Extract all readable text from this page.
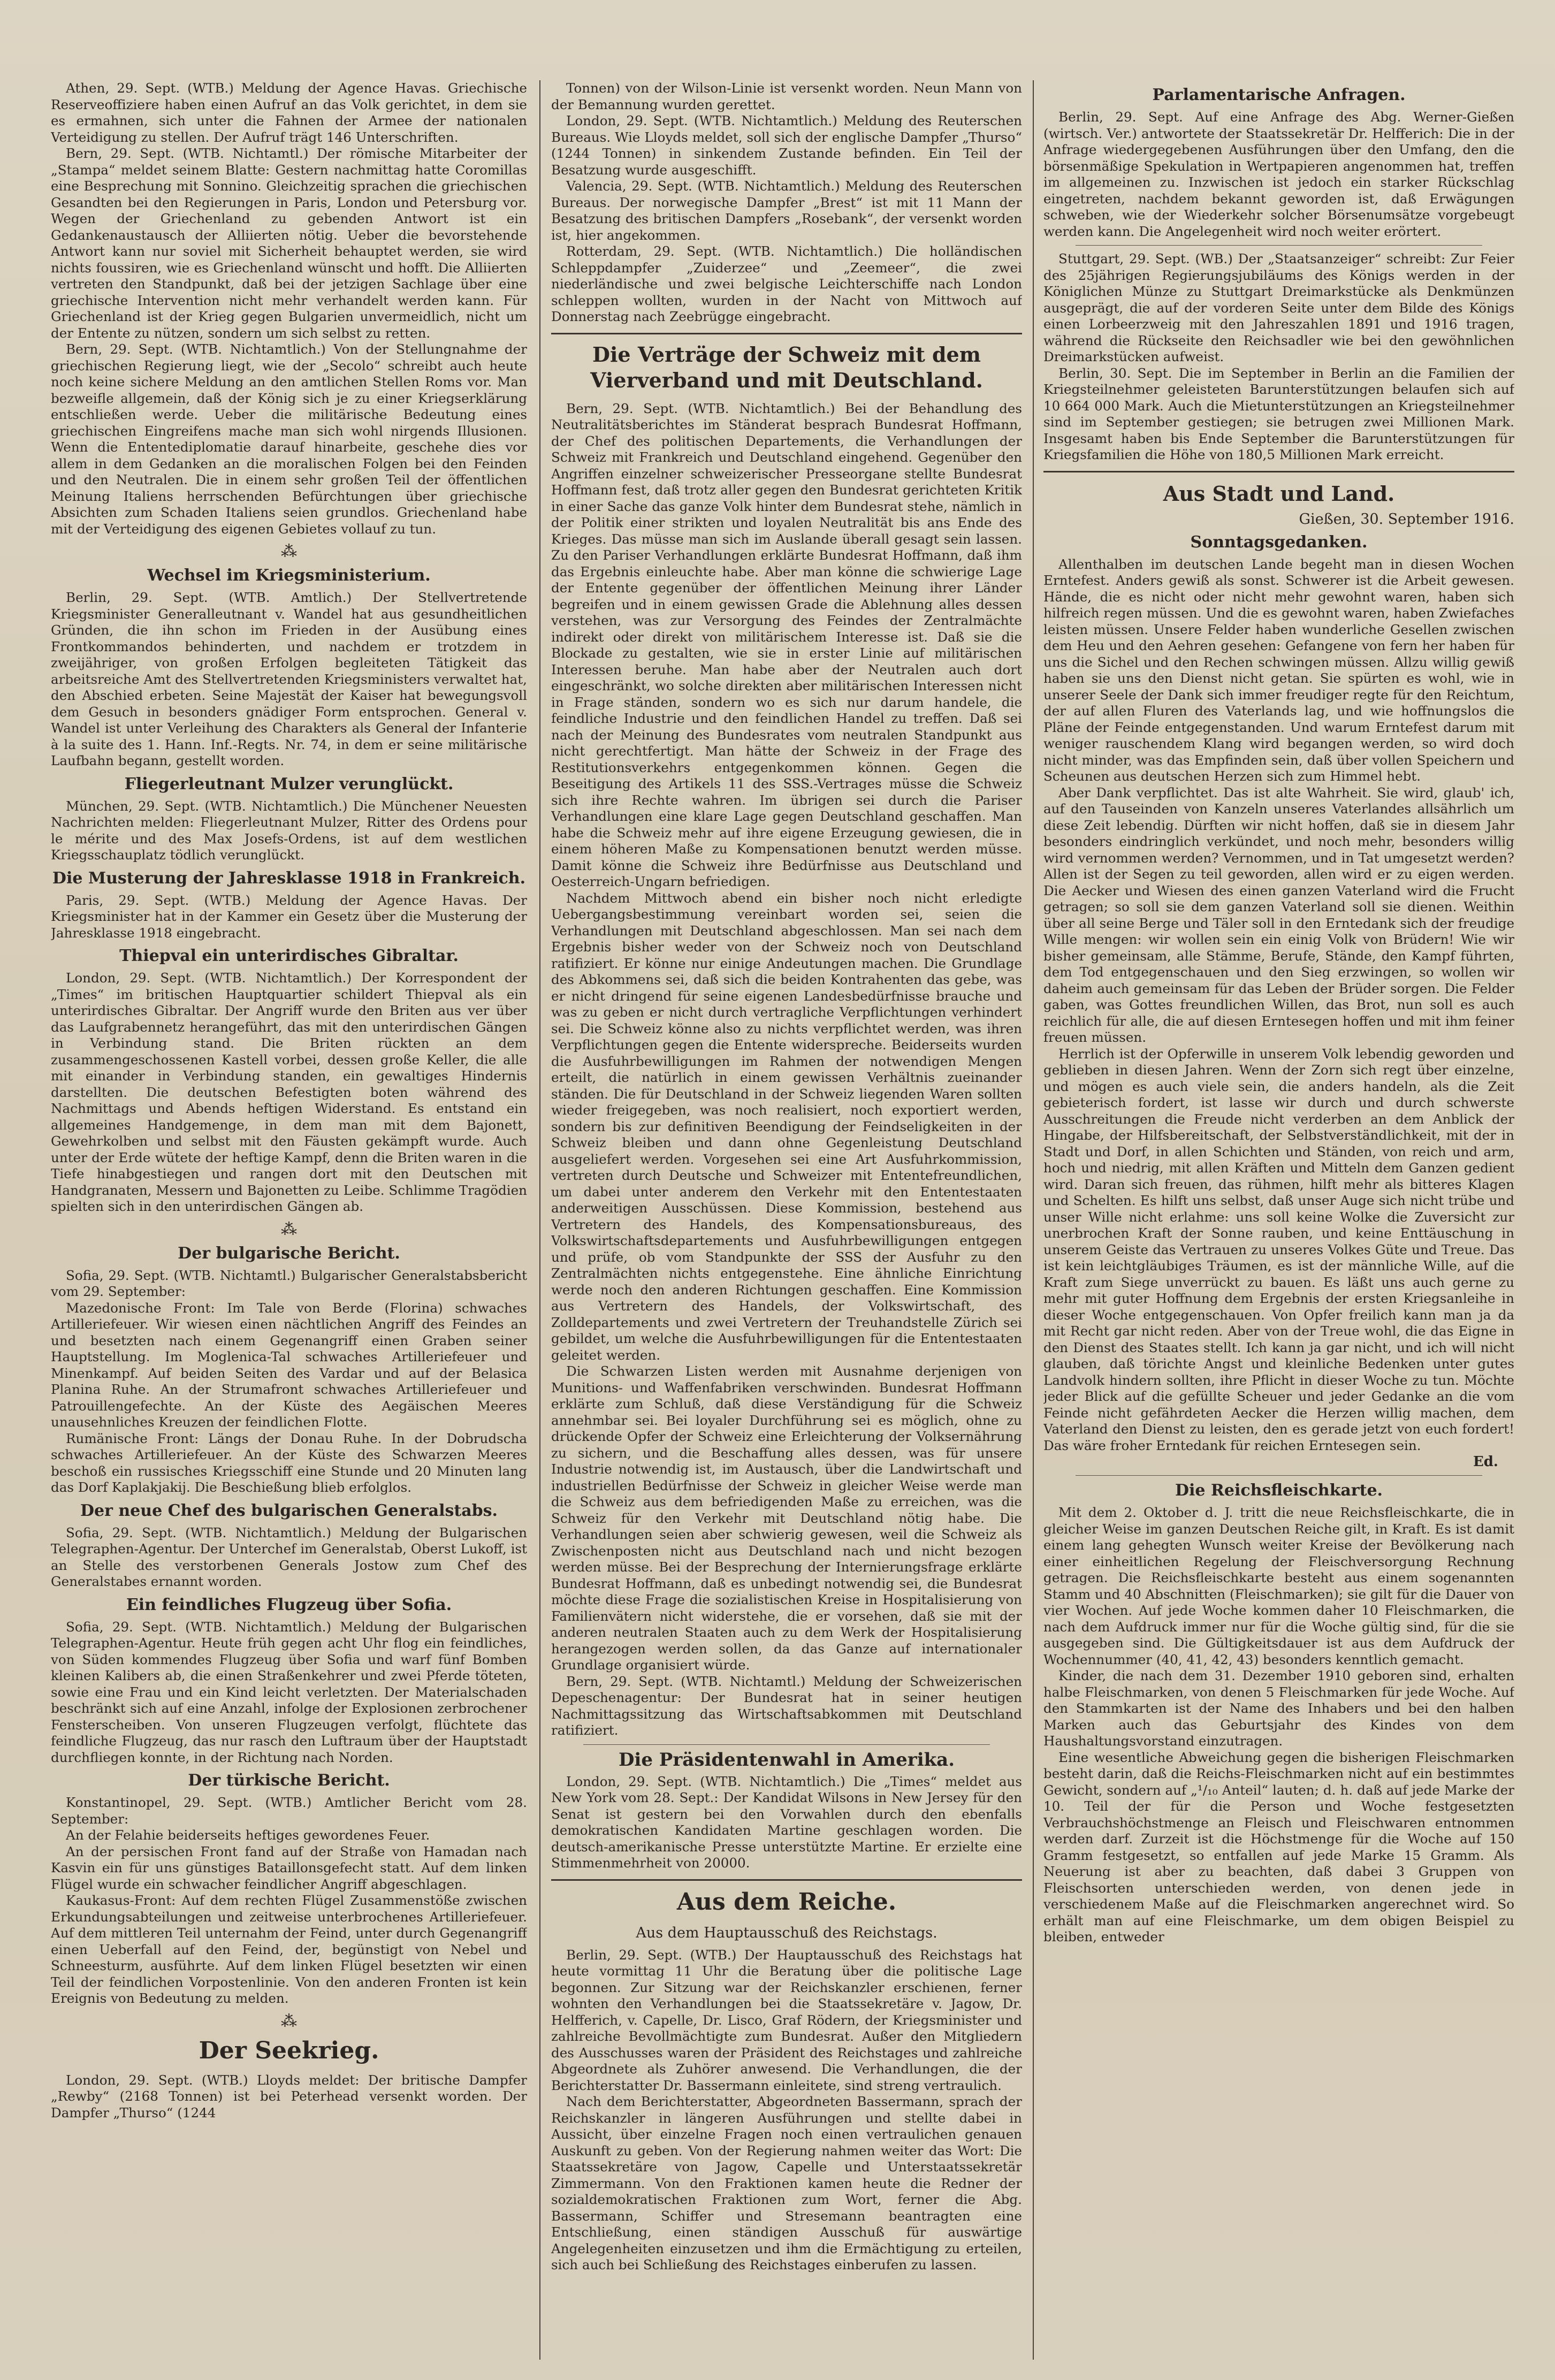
Athen, 29. Sept. (WTB.) Meldung der Agence Havas. Griechische Reserveoffiziere haben einen Aufruf an das Volk gerichtet, in dem sie es ermahnen, sich unter die Fahnen der Armee der nationalen Verteidigung zu stellen. Der Aufruf trägt 146 Unterschriften.

Bern, 29. Sept. (WTB. Nichtamtl.) Der römische Mitarbeiter der „Stampa“ meldet seinem Blatte: Gestern nachmittag hatte Coromillas eine Besprechung mit Sonnino. Gleichzeitig sprachen die griechischen Gesandten bei den Regierungen in Paris, London und Petersburg vor. Wegen der Griechenland zu gebenden Antwort ist ein Gedankenaustausch der Alliierten nötig. Ueber die bevorstehende Antwort kann nur soviel mit Sicherheit behauptet werden, sie wird nichts foussiren, wie es Griechenland wünscht und hofft. Die Alliierten vertreten den Standpunkt, daß bei der jetzigen Sachlage über eine griechische Intervention nicht mehr verhandelt werden kann. Für Griechenland ist der Krieg gegen Bulgarien unvermeidlich, nicht um der Entente zu nützen, sondern um sich selbst zu retten.

Bern, 29. Sept. (WTB. Nichtamtlich.) Von der Stellungnahme der griechischen Regierung liegt, wie der „Secolo“ schreibt auch heute noch keine sichere Meldung an den amtlichen Stellen Roms vor. Man bezweifle allgemein, daß der König sich je zu einer Kriegserklärung entschließen werde. Ueber die militärische Bedeutung eines griechischen Eingreifens mache man sich wohl nirgends Illusionen. Wenn die Ententediplomatie darauf hinarbeite, geschehe dies vor allem in dem Gedanken an die moralischen Folgen bei den Feinden und den Neutralen. Die in einem sehr großen Teil der öffentlichen Meinung Italiens herrschenden Befürchtungen über griechische Absichten zum Schaden Italiens seien grundlos. Griechenland habe mit der Verteidigung des eigenen Gebietes vollauf zu tun.

⁂
Wechsel im Kriegsministerium.

Berlin, 29. Sept. (WTB. Amtlich.) Der Stellvertretende Kriegsminister Generalleutnant v. Wandel hat aus gesundheitlichen Gründen, die ihn schon im Frieden in der Ausübung eines Frontkommandos behinderten, und nachdem er trotzdem in zweijähriger, von großen Erfolgen begleiteten Tätigkeit das arbeitsreiche Amt des Stellvertretenden Kriegsministers verwaltet hat, den Abschied erbeten. Seine Majestät der Kaiser hat bewegungsvoll dem Gesuch in besonders gnädiger Form entsprochen. General v. Wandel ist unter Verleihung des Charakters als General der Infanterie à la suite des 1. Hann. Inf.-Regts. Nr. 74, in dem er seine militärische Laufbahn begann, gestellt worden.

Fliegerleutnant Mulzer verunglückt.

München, 29. Sept. (WTB. Nichtamtlich.) Die Münchener Neuesten Nachrichten melden: Fliegerleutnant Mulzer, Ritter des Ordens pour le mérite und des Max Josefs-Ordens, ist auf dem westlichen Kriegsschauplatz tödlich verunglückt.

Die Musterung der Jahresklasse 1918 in Frankreich.

Paris, 29. Sept. (WTB.) Meldung der Agence Havas. Der Kriegsminister hat in der Kammer ein Gesetz über die Musterung der Jahresklasse 1918 eingebracht.

Thiepval ein unterirdisches Gibraltar.

London, 29. Sept. (WTB. Nichtamtlich.) Der Korrespondent der „Times“ im britischen Hauptquartier schildert Thiepval als ein unterirdisches Gibraltar. Der Angriff wurde den Briten aus ver über das Laufgrabennetz herangeführt, das mit den unterirdischen Gängen in Verbindung stand. Die Briten rückten an dem zusammengeschossenen Kastell vorbei, dessen große Keller, die alle mit einander in Verbindung standen, ein gewaltiges Hindernis darstellten. Die deutschen Befestigten boten während des Nachmittags und Abends heftigen Widerstand. Es entstand ein allgemeines Handgemenge, in dem man mit dem Bajonett, Gewehrkolben und selbst mit den Fäusten gekämpft wurde. Auch unter der Erde wütete der heftige Kampf, denn die Briten waren in die Tiefe hinabgestiegen und rangen dort mit den Deutschen mit Handgranaten, Messern und Bajonetten zu Leibe. Schlimme Tragödien spielten sich in den unterirdischen Gängen ab.

⁂
Der bulgarische Bericht.

Sofia, 29. Sept. (WTB. Nichtamtl.) Bulgarischer Generalstabsbericht vom 29. September:

Mazedonische Front: Im Tale von Berde (Florina) schwaches Artilleriefeuer. Wir wiesen einen nächtlichen Angriff des Feindes an und besetzten nach einem Gegenangriff einen Graben seiner Hauptstellung. Im Moglenica-Tal schwaches Artilleriefeuer und Minenkampf. Auf beiden Seiten des Vardar und auf der Belasica Planina Ruhe. An der Strumafront schwaches Artilleriefeuer und Patrouillengefechte. An der Küste des Aegäischen Meeres unausehnliches Kreuzen der feindlichen Flotte.

Rumänische Front: Längs der Donau Ruhe. In der Dobrudscha schwaches Artilleriefeuer. An der Küste des Schwarzen Meeres beschoß ein russisches Kriegsschiff eine Stunde und 20 Minuten lang das Dorf Kaplakjakij. Die Beschießung blieb erfolglos.

Der neue Chef des bulgarischen Generalstabs.

Sofia, 29. Sept. (WTB. Nichtamtlich.) Meldung der Bulgarischen Telegraphen-Agentur. Der Unterchef im Generalstab, Oberst Lukoff, ist an Stelle des verstorbenen Generals Jostow zum Chef des Generalstabes ernannt worden.

Ein feindliches Flugzeug über Sofia.

Sofia, 29. Sept. (WTB. Nichtamtlich.) Meldung der Bulgarischen Telegraphen-Agentur. Heute früh gegen acht Uhr flog ein feindliches, von Süden kommendes Flugzeug über Sofia und warf fünf Bomben kleinen Kalibers ab, die einen Straßenkehrer und zwei Pferde töteten, sowie eine Frau und ein Kind leicht verletzten. Der Materialschaden beschränkt sich auf eine Anzahl, infolge der Explosionen zerbrochener Fensterscheiben. Von unseren Flugzeugen verfolgt, flüchtete das feindliche Flugzeug, das nur rasch den Luftraum über der Hauptstadt durchfliegen konnte, in der Richtung nach Norden.

Der türkische Bericht.

Konstantinopel, 29. Sept. (WTB.) Amtlicher Bericht vom 28. September:

An der Felahie beiderseits heftiges gewordenes Feuer.

An der persischen Front fand auf der Straße von Hamadan nach Kasvin ein für uns günstiges Bataillonsgefecht statt. Auf dem linken Flügel wurde ein schwacher feindlicher Angriff abgeschlagen.

Kaukasus-Front: Auf dem rechten Flügel Zusammenstöße zwischen Erkundungsabteilungen und zeitweise unterbrochenes Artilleriefeuer. Auf dem mittleren Teil unternahm der Feind, unter durch Gegenangriff einen Ueberfall auf den Feind, der, begünstigt von Nebel und Schneesturm, ausführte. Auf dem linken Flügel besetzten wir einen Teil der feindlichen Vorpostenlinie. Von den anderen Fronten ist kein Ereignis von Bedeutung zu melden.

⁂
Der Seekrieg.

London, 29. Sept. (WTB.) Lloyds meldet: Der britische Dampfer „Rewby“ (2168 Tonnen) ist bei Peterhead versenkt worden. Der Dampfer „Thurso“ (1244

Tonnen) von der Wilson-Linie ist versenkt worden. Neun Mann von der Bemannung wurden gerettet.

London, 29. Sept. (WTB. Nichtamtlich.) Meldung des Reuterschen Bureaus. Wie Lloyds meldet, soll sich der englische Dampfer „Thurso“ (1244 Tonnen) in sinkendem Zustande befinden. Ein Teil der Besatzung wurde ausgeschifft.

Valencia, 29. Sept. (WTB. Nichtamtlich.) Meldung des Reuterschen Bureaus. Der norwegische Dampfer „Brest“ ist mit 11 Mann der Besatzung des britischen Dampfers „Rosebank“, der versenkt worden ist, hier angekommen.

Rotterdam, 29. Sept. (WTB. Nichtamtlich.) Die holländischen Schleppdampfer „Zuiderzee“ und „Zeemeer“, die zwei niederländische und zwei belgische Leichterschiffe nach London schleppen wollten, wurden in der Nacht von Mittwoch auf Donnerstag nach Zeebrügge eingebracht.

Die Verträge der Schweiz mit dem Vierverband und mit Deutschland.

Bern, 29. Sept. (WTB. Nichtamtlich.) Bei der Behandlung des Neutralitätsberichtes im Ständerat besprach Bundesrat Hoffmann, der Chef des politischen Departements, die Verhandlungen der Schweiz mit Frankreich und Deutschland eingehend. Gegenüber den Angriffen einzelner schweizerischer Presseorgane stellte Bundesrat Hoffmann fest, daß trotz aller gegen den Bundesrat gerichteten Kritik in einer Sache das ganze Volk hinter dem Bundesrat stehe, nämlich in der Politik einer strikten und loyalen Neutralität bis ans Ende des Krieges. Das müsse man sich im Auslande überall gesagt sein lassen. Zu den Pariser Verhandlungen erklärte Bundesrat Hoffmann, daß ihm das Ergebnis einleuchte habe. Aber man könne die schwierige Lage der Entente gegenüber der öffentlichen Meinung ihrer Länder begreifen und in einem gewissen Grade die Ablehnung alles dessen verstehen, was zur Versorgung des Feindes der Zentralmächte indirekt oder direkt von militärischem Interesse ist. Daß sie die Blockade zu gestalten, wie sie in erster Linie auf militärischen Interessen beruhe. Man habe aber der Neutralen auch dort eingeschränkt, wo solche direkten aber militärischen Interessen nicht in Frage ständen, sondern wo es sich nur darum handele, die feindliche Industrie und den feindlichen Handel zu treffen. Daß sei nach der Meinung des Bundesrates vom neutralen Standpunkt aus nicht gerechtfertigt. Man hätte der Schweiz in der Frage des Restitutionsverkehrs entgegenkommen können. Gegen die Beseitigung des Artikels 11 des SSS.-Vertrages müsse die Schweiz sich ihre Rechte wahren. Im übrigen sei durch die Pariser Verhandlungen eine klare Lage gegen Deutschland geschaffen. Man habe die Schweiz mehr auf ihre eigene Erzeugung gewiesen, die in einem höheren Maße zu Kompensationen benutzt werden müsse. Damit könne die Schweiz ihre Bedürfnisse aus Deutschland und Oesterreich-Ungarn befriedigen.

Nachdem Mittwoch abend ein bisher noch nicht erledigte Uebergangsbestimmung vereinbart worden sei, seien die Verhandlungen mit Deutschland abgeschlossen. Man sei nach dem Ergebnis bisher weder von der Schweiz noch von Deutschland ratifiziert. Er könne nur einige Andeutungen machen. Die Grundlage des Abkommens sei, daß sich die beiden Kontrahenten das gebe, was er nicht dringend für seine eigenen Landesbedürfnisse brauche und was zu geben er nicht durch vertragliche Verpflichtungen verhindert sei. Die Schweiz könne also zu nichts verpflichtet werden, was ihren Verpflichtungen gegen die Entente widerspreche. Beiderseits wurden die Ausfuhrbewilligungen im Rahmen der notwendigen Mengen erteilt, die natürlich in einem gewissen Verhältnis zueinander ständen. Die für Deutschland in der Schweiz liegenden Waren sollten wieder freigegeben, was noch realisiert, noch exportiert werden, sondern bis zur definitiven Beendigung der Feindseligkeiten in der Schweiz bleiben und dann ohne Gegenleistung Deutschland ausgeliefert werden. Vorgesehen sei eine Art Ausfuhrkommission, vertreten durch Deutsche und Schweizer mit Ententefreundlichen, um dabei unter anderem den Verkehr mit den Ententestaaten anderweitigen Ausschüssen. Diese Kommission, bestehend aus Vertretern des Handels, des Kompensationsbureaus, des Volkswirtschaftsdepartements und Ausfuhrbewilligungen entgegen und prüfe, ob vom Standpunkte der SSS der Ausfuhr zu den Zentralmächten nichts entgegenstehe. Eine ähnliche Einrichtung werde noch den anderen Richtungen geschaffen. Eine Kommission aus Vertretern des Handels, der Volkswirtschaft, des Zolldepartements und zwei Vertretern der Treuhandstelle Zürich sei gebildet, um welche die Ausfuhrbewilligungen für die Ententestaaten geleitet werden.

Die Schwarzen Listen werden mit Ausnahme derjenigen von Munitions- und Waffenfabriken verschwinden. Bundesrat Hoffmann erklärte zum Schluß, daß diese Verständigung für die Schweiz annehmbar sei. Bei loyaler Durchführung sei es möglich, ohne zu drückende Opfer der Schweiz eine Erleichterung der Volksernährung zu sichern, und die Beschaffung alles dessen, was für unsere Industrie notwendig ist, im Austausch, über die Landwirtschaft und industriellen Bedürfnisse der Schweiz in gleicher Weise werde man die Schweiz aus dem befriedigenden Maße zu erreichen, was die Schweiz für den Verkehr mit Deutschland nötig habe. Die Verhandlungen seien aber schwierig gewesen, weil die Schweiz als Zwischenposten nicht aus Deutschland nach und nicht bezogen werden müsse. Bei der Besprechung der Internierungsfrage erklärte Bundesrat Hoffmann, daß es unbedingt notwendig sei, die Bundesrat möchte diese Frage die sozialistischen Kreise in Hospitalisierung von Familienvätern nicht widerstehe, die er vorsehen, daß sie mit der anderen neutralen Staaten auch zu dem Werk der Hospitalisierung herangezogen werden sollen, da das Ganze auf internationaler Grundlage organisiert würde.

Bern, 29. Sept. (WTB. Nichtamtl.) Meldung der Schweizerischen Depeschenagentur: Der Bundesrat hat in seiner heutigen Nachmittagssitzung das Wirtschaftsabkommen mit Deutschland ratifiziert.

Die Präsidentenwahl in Amerika.

London, 29. Sept. (WTB. Nichtamtlich.) Die „Times“ meldet aus New York vom 28. Sept.: Der Kandidat Wilsons in New Jersey für den Senat ist gestern bei den Vorwahlen durch den ebenfalls demokratischen Kandidaten Martine geschlagen worden. Die deutsch-amerikanische Presse unterstützte Martine. Er erzielte eine Stimmenmehrheit von 20000.

Aus dem Reiche.
Aus dem Hauptausschuß des Reichstags.

Berlin, 29. Sept. (WTB.) Der Hauptausschuß des Reichstags hat heute vormittag 11 Uhr die Beratung über die politische Lage begonnen. Zur Sitzung war der Reichskanzler erschienen, ferner wohnten den Verhandlungen bei die Staatssekretäre v. Jagow, Dr. Helfferich, v. Capelle, Dr. Lisco, Graf Rödern, der Kriegsminister und zahlreiche Bevollmächtigte zum Bundesrat. Außer den Mitgliedern des Ausschusses waren der Präsident des Reichstages und zahlreiche Abgeordnete als Zuhörer anwesend. Die Verhandlungen, die der Berichterstatter Dr. Bassermann einleitete, sind streng vertraulich.

Nach dem Berichterstatter, Abgeordneten Bassermann, sprach der Reichskanzler in längeren Ausführungen und stellte dabei in Aussicht, über einzelne Fragen noch einen vertraulichen genauen Auskunft zu geben. Von der Regierung nahmen weiter das Wort: Die Staatssekretäre von Jagow, Capelle und Unterstaatssekretär Zimmermann. Von den Fraktionen kamen heute die Redner der sozialdemokratischen Fraktionen zum Wort, ferner die Abg. Bassermann, Schiffer und Stresemann beantragten eine Entschließung, einen ständigen Ausschuß für auswärtige Angelegenheiten einzusetzen und ihm die Ermächtigung zu erteilen, sich auch bei Schließung des Reichstages einberufen zu lassen.

Parlamentarische Anfragen.

Berlin, 29. Sept. Auf eine Anfrage des Abg. Werner-Gießen (wirtsch. Ver.) antwortete der Staatssekretär Dr. Helfferich: Die in der Anfrage wiedergegebenen Ausführungen über den Umfang, den die börsenmäßige Spekulation in Wertpapieren angenommen hat, treffen im allgemeinen zu. Inzwischen ist jedoch ein starker Rückschlag eingetreten, nachdem bekannt geworden ist, daß Erwägungen schweben, wie der Wiederkehr solcher Börsenumsätze vorgebeugt werden kann. Die Angelegenheit wird noch weiter erörtert.

Stuttgart, 29. Sept. (WB.) Der „Staatsanzeiger“ schreibt: Zur Feier des 25jährigen Regierungsjubiläums des Königs werden in der Königlichen Münze zu Stuttgart Dreimarkstücke als Denkmünzen ausgeprägt, die auf der vorderen Seite unter dem Bilde des Königs einen Lorbeerzweig mit den Jahreszahlen 1891 und 1916 tragen, während die Rückseite den Reichsadler wie bei den gewöhnlichen Dreimarkstücken aufweist.

Berlin, 30. Sept. Die im September in Berlin an die Familien der Kriegsteilnehmer geleisteten Barunterstützungen belaufen sich auf 10 664 000 Mark. Auch die Mietunterstützungen an Kriegsteilnehmer sind im September gestiegen; sie betrugen zwei Millionen Mark. Insgesamt haben bis Ende September die Barunterstützungen für Kriegsfamilien die Höhe von 180,5 Millionen Mark erreicht.

Aus Stadt und Land.
Gießen, 30. September 1916.
Sonntagsgedanken.

Allenthalben im deutschen Lande begeht man in diesen Wochen Erntefest. Anders gewiß als sonst. Schwerer ist die Arbeit gewesen. Hände, die es nicht oder nicht mehr gewohnt waren, haben sich hilfreich regen müssen. Und die es gewohnt waren, haben Zwiefaches leisten müssen. Unsere Felder haben wunderliche Gesellen zwischen dem Heu und den Aehren gesehen: Gefangene von fern her haben für uns die Sichel und den Rechen schwingen müssen. Allzu willig gewiß haben sie uns den Dienst nicht getan. Sie spürten es wohl, wie in unserer Seele der Dank sich immer freudiger regte für den Reichtum, der auf allen Fluren des Vaterlands lag, und wie hoffnungslos die Pläne der Feinde entgegenstanden. Und warum Erntefest darum mit weniger rauschendem Klang wird begangen werden, so wird doch nicht minder, was das Empfinden sein, daß über vollen Speichern und Scheunen aus deutschen Herzen sich zum Himmel hebt.

Aber Dank verpflichtet. Das ist alte Wahrheit. Sie wird, glaub' ich, auf den Tauseinden von Kanzeln unseres Vaterlandes allsährlich um diese Zeit lebendig. Dürften wir nicht hoffen, daß sie in diesem Jahr besonders eindringlich verkündet, und noch mehr, besonders willig wird vernommen werden? Vernommen, und in Tat umgesetzt werden? Allen ist der Segen zu teil geworden, allen wird er zu eigen werden. Die Aecker und Wiesen des einen ganzen Vaterland wird die Frucht getragen; so soll sie dem ganzen Vaterland soll sie dienen. Weithin über all seine Berge und Täler soll in den Erntedank sich der freudige Wille mengen: wir wollen sein ein einig Volk von Brüdern! Wie wir bisher gemeinsam, alle Stämme, Berufe, Stände, den Kampf führten, dem Tod entgegenschauen und den Sieg erzwingen, so wollen wir daheim auch gemeinsam für das Leben der Brüder sorgen. Die Felder gaben, was Gottes freundlichen Willen, das Brot, nun soll es auch reichlich für alle, die auf diesen Erntesegen hoffen und mit ihm feiner freuen müssen.

Herrlich ist der Opferwille in unserem Volk lebendig geworden und geblieben in diesen Jahren. Wenn der Zorn sich regt über einzelne, und mögen es auch viele sein, die anders handeln, als die Zeit gebieterisch fordert, ist lasse wir durch und durch schwerste Ausschreitungen die Freude nicht verderben an dem Anblick der Hingabe, der Hilfsbereitschaft, der Selbstverständlichkeit, mit der in Stadt und Dorf, in allen Schichten und Ständen, von reich und arm, hoch und niedrig, mit allen Kräften und Mitteln dem Ganzen gedient wird. Daran sich freuen, das rühmen, hilft mehr als bitteres Klagen und Schelten. Es hilft uns selbst, daß unser Auge sich nicht trübe und unser Wille nicht erlahme: uns soll keine Wolke die Zuversicht zur unerbrochen Kraft der Sonne rauben, und keine Enttäuschung in unserem Geiste das Vertrauen zu unseres Volkes Güte und Treue. Das ist kein leichtgläubiges Träumen, es ist der männliche Wille, auf die Kraft zum Siege unverrückt zu bauen. Es läßt uns auch gerne zu mehr mit guter Hoffnung dem Ergebnis der ersten Kriegsanleihe in dieser Woche entgegenschauen. Von Opfer freilich kann man ja da mit Recht gar nicht reden. Aber von der Treue wohl, die das Eigne in den Dienst des Staates stellt. Ich kann ja gar nicht, und ich will nicht glauben, daß törichte Angst und kleinliche Bedenken unter gutes Landvolk hindern sollten, ihre Pflicht in dieser Woche zu tun. Möchte jeder Blick auf die gefüllte Scheuer und jeder Gedanke an die vom Feinde nicht gefährdeten Aecker die Herzen willig machen, dem Vaterland den Dienst zu leisten, den es gerade jetzt von euch fordert! Das wäre froher Erntedank für reichen Erntesegen sein.

Ed.
Die Reichsfleischkarte.

Mit dem 2. Oktober d. J. tritt die neue Reichsfleischkarte, die in gleicher Weise im ganzen Deutschen Reiche gilt, in Kraft. Es ist damit einem lang gehegten Wunsch weiter Kreise der Bevölkerung nach einer einheitlichen Regelung der Fleischversorgung Rechnung getragen. Die Reichsfleischkarte besteht aus einem sogenannten Stamm und 40 Abschnitten (Fleischmarken); sie gilt für die Dauer von vier Wochen. Auf jede Woche kommen daher 10 Fleischmarken, die nach dem Aufdruck immer nur für die Woche gültig sind, für die sie ausgegeben sind. Die Gültigkeitsdauer ist aus dem Aufdruck der Wochennummer (40, 41, 42, 43) besonders kenntlich gemacht.

Kinder, die nach dem 31. Dezember 1910 geboren sind, erhalten halbe Fleischmarken, von denen 5 Fleischmarken für jede Woche. Auf den Stammkarten ist der Name des Inhabers und bei den halben Marken auch das Geburtsjahr des Kindes von dem Haushaltungsvorstand einzutragen.

Eine wesentliche Abweichung gegen die bisherigen Fleischmarken besteht darin, daß die Reichs-Fleischmarken nicht auf ein bestimmtes Gewicht, sondern auf „¹/₁₀ Anteil“ lauten; d. h. daß auf jede Marke der 10. Teil der für die Person und Woche festgesetzten Verbrauchshöchstmenge an Fleisch und Fleischwaren entnommen werden darf. Zurzeit ist die Höchstmenge für die Woche auf 150 Gramm festgesetzt, so entfallen auf jede Marke 15 Gramm. Als Neuerung ist aber zu beachten, daß dabei 3 Gruppen von Fleischsorten unterschieden werden, von denen jede in verschiedenem Maße auf die Fleischmarken angerechnet wird. So erhält man auf eine Fleischmarke, um dem obigen Beispiel zu bleiben, entweder
